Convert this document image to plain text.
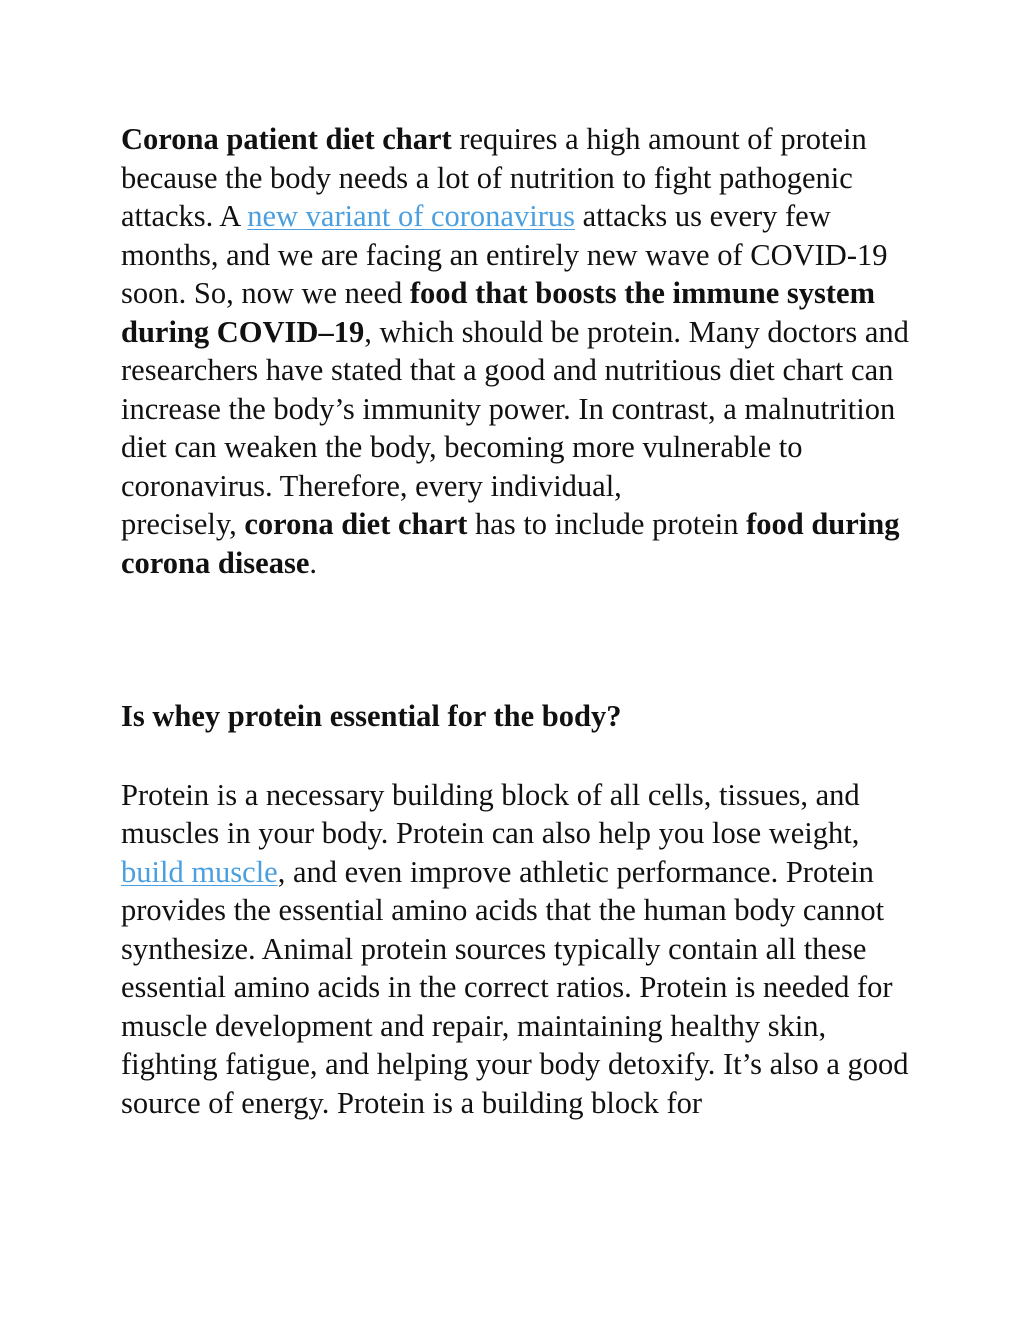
Corona patient diet chart requires a high amount of protein because the body needs a lot of nutrition to fight pathogenic attacks. A new variant of coronavirus attacks us every few months, and we are facing an entirely new wave of COVID-19 soon. So, now we need food that boosts the immune system during COVID–19, which should be protein. Many doctors and researchers have stated that a good and nutritious diet chart can increase the body’s immunity power. In contrast, a malnutrition diet can weaken the body, becoming more vulnerable to coronavirus. Therefore, every individual,
precisely, corona diet chart has to include protein food during corona disease.

Is whey protein essential for the body?

Protein is a necessary building block of all cells, tissues, and muscles in your body. Protein can also help you lose weight, build muscle, and even improve athletic performance. Protein provides the essential amino acids that the human body cannot synthesize. Animal protein sources typically contain all these essential amino acids in the correct ratios. Protein is needed for muscle development and repair, maintaining healthy skin, fighting fatigue, and helping your body detoxify. It’s also a good source of energy. Protein is a building block for
